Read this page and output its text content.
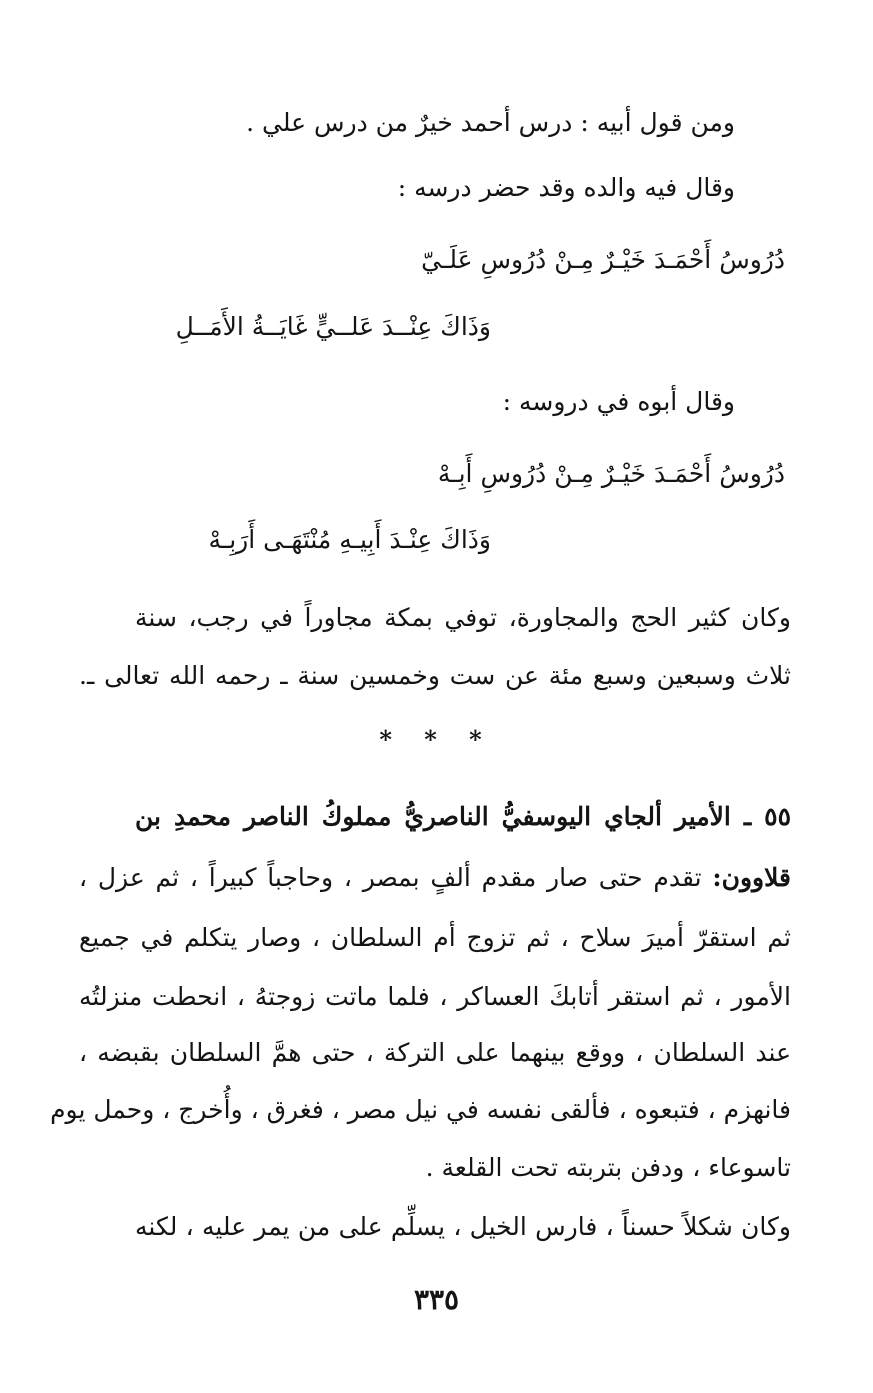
ومن قول أبيه : درس أحمد خيرٌ من درس علي .
وقال فيه والده وقد حضر درسه :
دُرُوسُ أَحْمَـدَ خَيْـرٌ مِـنْ دُرُوسِ عَلَـيّ
وَذَاكَ عِنْــدَ عَلــيٍّ غَايَــةُ الأَمَــلِ
وقال أبوه في دروسه :
دُرُوسُ أَحْمَـدَ خَيْـرٌ مِـنْ دُرُوسِ أَبِـهْ
وَذَاكَ عِنْـدَ أَبِيـهِ مُنْتَهَـى أَرَبِـهْ
وكان كثير الحج والمجاورة، توفي بمكة مجاوراً في رجب، سنة
ثلاث وسبعين وسبع مئة عن ست وخمسين سنة ـ رحمه الله تعالى ـ.
* * *
٥٥ ـ الأمير ألجاي اليوسفيُّ الناصريُّ مملوكُ الناصر محمدِ بن
قلاوون: تقدم حتى صار مقدم ألفٍ بمصر ، وحاجباً كبيراً ، ثم عزل ،
ثم استقرّ أميرَ سلاح ، ثم تزوج أم السلطان ، وصار يتكلم في جميع
الأمور ، ثم استقر أتابكَ العساكر ، فلما ماتت زوجتهُ ، انحطت منزلتُه
عند السلطان ، ووقع بينهما على التركة ، حتى همَّ السلطان بقبضه ،
فانهزم ، فتبعوه ، فألقى نفسه في نيل مصر ، فغرق ، وأُخرج ، وحمل يوم
تاسوعاء ، ودفن بتربته تحت القلعة .
وكان شكلاً حسناً ، فارس الخيل ، يسلِّم على من يمر عليه ، لكنه
٣٣٥
